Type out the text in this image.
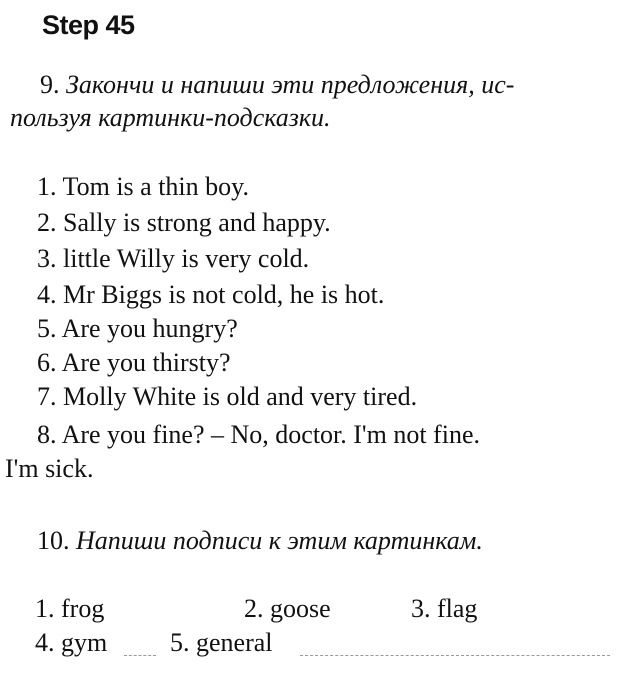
Step 45
9. Закончи и напиши эти предложения, ис-
пользуя картинки-подсказки.
1. Tom is a thin boy.
2. Sally is strong and happy.
3. little Willy is very cold.
4. Mr Biggs is not cold, he is hot.
5. Are you hungry?
6. Are you thirsty?
7. Molly White is old and very tired.
8. Are you fine? – No, doctor. I'm not fine.
I'm sick.
10. Напиши подписи к этим картинкам.
1. frog	2. goose	3. flag
4. gym 5. general
